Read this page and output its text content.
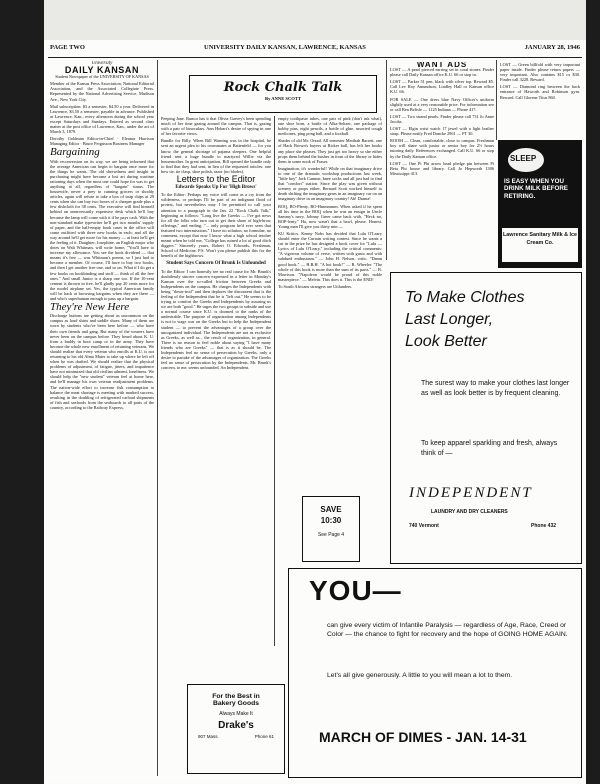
PAGE TWO	UNIVERSITY DAILY KANSAN, LAWRENCE, KANSAS	JANUARY 28, 1946

University

DAILY KANSAN

Student Newspaper of the UNIVERSITY OF KANSAS

Member of the Kansas Press Association, National Editorial Association, and the Associated Collegiate Press. Represented by the National Advertising Service, Madison Ave., New York City.

Mail subscription: $3 a semester, $4.50 a year. Delivered in Lawrence, $3.50 a semester, payable in advance. Published at Lawrence, Kan., every afternoon during the school year except Saturdays and Sundays. Entered as second class matter at the post office of Lawrence, Kan., under the act of March 3, 1879.

Dorothy Goldman Editor-in-Chief · Eleanor Harrison Managing Editor · Bruce Fergusson Business Manager

Bargaining

With reconversion on its way, we are being informed that the average American can begin to bargain once more for the things he wants. The old shrewdness and insight in purchasing might have become a lost art during wartime rationing days when the most one could hope for was to get anything at all, regardless of "bargain" status. The housewife, never a prey to cunning grocers or shoddy articles, again will refuse to take a box of soap chips at 29 cents when she can buy two boxes of a cheaper grade plus a few dishcloth for 38 cents. The executive will find himself behind an unnecessarily expensive desk which he'll buy because the lamp will come with it if he pays cash. With the non-standard make typewriter he'll get two months' supply of paper, and the half-empty book cases in the office will come outfitted with three new books in each; and all the way around he'll get more for his money — at least he'll get the feeling of it. Daughter, Josephine, an English major who dotes on Walt Whitman, will write home, "You'll have to increase my allowance. You see the book dividend — that means it's free — was Whitman's poems, so I just had to become a member. Of course, I'll have to buy two books, and then I get another free one, and so on. What if I do get a few books on bookbinding and stuff — think of all the free ones." And small Junior is a sharp one too. If the 10-cent cement is thrown in free, he'll gladly pay 20 cents more for the model airplane set. Yes, the typical American family will be back at browsing bargains when they are there — and who's superhuman enough to pass up a bargain.

They're New Here

Discharge buttons are getting about as uncommon on the campus as loud shirts and saddle shoes. Many of them are worn by students who've been here before — who have their own friends and gang. But many of the wearers have never been on the campus before. They heard about K. U. from a buddy in boot camp or in the army. They have become the whole new enrollment of returning veterans. We should realize that every veteran who enrolls at K.U. is not returning to his old Alma Mater to take up where he left off when he was drafted. We should realize that the physical problems of adjustment, of fatigue, jitters, and impatience have not minimized that old civilian ailment, loneliness. We should help the "new student" veteran feel at home here, and he'll manage his own veteran readjustment problems. The nation-wide effort to increase fish consumption to balance the meat shortage is meeting with marked success, resulting in the doubling of refrigerated carload shipments of fish and seafoods from the seaboards to all parts of the country, according to the Railway Express.

Rock Chalk Talk
By ANNE SCOTT

Peeping Jane. Rumor has it that Olivia Garvey's been spending much of her time gazing around the campus. That is, gazing with a pair of binoculars. Ann Hobart's desire of spying in one of her favorite views.

Bundle for Billy. When Bill Warning was in the hospital, he sent an urgent plea to his roommates at Battenfeld — for you know, the general shortage of pajama sleepers. One helpful friend sent a huge bundle to martyred Willie via the housemother. In great anticipation, Bill opened the bundle only to find that they had sent, in lieu of the requested articles: one bow tie, tie clasp, shoe polish, razor (no blades).

Letters to the Editor
Edwards Speaks Up For 'High Brows'

To the Editor: Perhaps my voice will come as a cry from the wilderness, or perhaps I'll be part of an indignant flood of protest, but nevertheless may I be permitted to call your attention to a paragraph in the Jan. 22 "Rock Chalk Talk," beginning as follows: "Long live the Greeks — I've got news for all the folks who turn out to get their share of high-brow offerings," and ending, "... only program he'd ever seen that featured two intermissions." I have no solution, no formulae, no comment, except that now I know what a high school teacher meant when he told me, "College has ruined a lot of good ditch diggers." Sincerely yours, Robert O. Edwards, Freshman, School of Medicine. P.S. Won't you please publish this for the benefit of the highbrows.

Student Says Concern Of Brunk Is Unfounded

To the Editor: I can honestly see no real cause for Mr. Brunk's doubtlessly sincere concern expressed in a letter in Monday's Kansan over the so-called friction between Greeks and Independents on the campus. He charges the Independents with being "down-trod" and then deplores the discontent that is the feeling of the Independent that he is "left out." He seems to be trying to comfort the Greeks and Independents by assuring us we are both "good." He urges the two groups to subside and use a normal course since K.U. is doomed to the ranks of the undesirable. The purpose of organization among Independents is not to wage war on the Greeks but to help the Independent student — to prevent the advantages of a group over the unorganized individual. The Independents are not as exclusive as Greeks, as well as... the result of organization, in general. There is no reason to feel noble about saying "I have many friends who are Greeks" — that is as it should be. The Independents feel no sense of persecution by Greeks, only a desire to partake of the advantages of organization. The Greeks feel no sense of persecution by the Independents. Mr. Brunk's concern, to me, seems unfounded. An Independent.

For the Best in
Bakery Goods
Always Make It
Drake's
907 Mass.	Phone 61

empty toothpaste tubes, one pair of pink (don't ask what), one shoe horn, a bottle of Alka-Seltzer, one package of bobby pins, eight pencils, a bottle of glue, assorted cough medicines, ping pong ball, and a football.

Shades of old Mr. Orzad. All semester Meribah Barrett, one of Hack Brown's buyers at Ricker hall, has left her books any place she pleases. They just get too heavy so she either props them behind the bushes in front of the library or hides them in some nook of Fraser.

Imagination, it's wonderful! While on that imaginary drive to one of the dramatic workshop productions last week, "little boy" Jack Cannon, knee socks and all just had to find that "comfort" station. Since the play was given without scenery or props either, Bernard Scott worked himself to death shifting the imaginary gears in an imaginary car on an imaginary drive in an imaginary country! Ah! Drama!

BOQ, BO-Plenty, BO-Hmmmmm. When asked if he spent all his time in the BOQ when he was an ensign in Uncle Sammy's navy, Johnny Greer came back with, "Heck no, BOP-lenty." Ha, now wasn't that a bawl, please. Honest. Young man I'll give you thirty min —

KU Kritics. Kenny Nobs has decided that Lulu O'Leary should enter the Curtain writing contest. Since he wants a cut in the prize he has designed a book cover for "Lulu — Lyrics of Lulu O'Leary," including the critical comments: "A vigorous volume of verse, written with gusto and with subdued enthusiasm." — John H. Nelson, critic. "Damn good book." — H.B.H. "A hot book!" — R. Wheeler. "The whole of this book is more than the sum of its parts." — B. Morrison. "Napoleon would be proud of this noble masterpiece." — Melvin. This does it. This is the END!

To South Africans strangers are Uitlanders.

SAVE
10:30
See Page 4
WANT ADS

LOST — A pearl pierced earring set in coral stones. Finder please call Daily Kansan office K.U. 66 or stop in.

LOST — Parker 51 pen, black with silver top. Reward $5. Call Lev Roy Amundson, Lindley Hall or Kansan office K.U. 66.

FOR SALE — One dress blue Navy Officer's uniform slightly used at a very reasonable price. For information see or call Ben Belisle — 1125 Indiana — Phone 417.

LOST — Two strand pearls. Finder please call 731 Jo Anne Jacobs.

LOST — Elgin wrist watch 17 jewel with a light leather strap. Please notify Fred Dancke 2961 — PT 30.

ROOM — Clean, comfortable, close to campus. Freshman boy will share with junior or senior boy for 2½ hours tutoring daily. References exchanged. Call K.U. 66 or stop by the Daily Kansan office.

LOST — One Pi Phi arrow head pledge pin between Pi Beta Phi house and library. Call Jo Hepworth 1306 Mississippi 413.

LOST — Green billfold with very important paper inside. Finder please return papers — very important. Also contains $15 or $30. Finder call 3228. Reward.

LOST — Diamond ring between the back entrance of Haworth and Robinson gym. Reward. Call Glorene Titus 860.

SLEEP
IS EASY WHEN YOU DRINK MILK BEFORE RETIRING.
Lawrence Sanitary Milk & Ice Cream Co.
To Make Clothes
Last Longer,
Look Better
The surest way to make your clothes last longer as well as look better is by frequent cleaning.
To keep apparel sparkling and fresh, always think of —
INDEPENDENT
LAUNDRY AND DRY CLEANERS
740 Vermont	Phone 432
YOU—
can give every victim of Infantile Paralysis — regardless of Age, Race, Creed or Color — the chance to fight for recovery and the hope of GOING HOME AGAIN.
Let's all give generously. A little to you will mean a lot to them.
MARCH OF DIMES - JAN. 14-31
